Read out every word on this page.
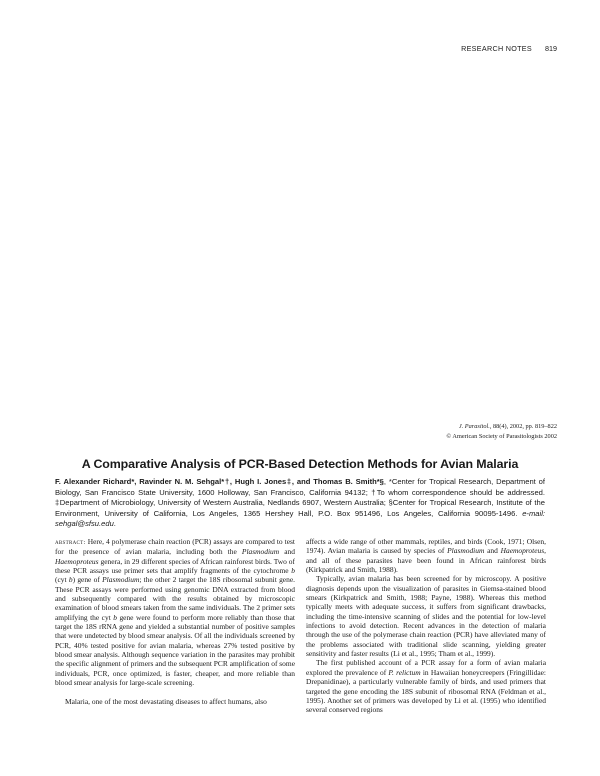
RESEARCH NOTES 819
J. Parasitol., 88(4), 2002, pp. 819–822
© American Society of Parasitologists 2002
A Comparative Analysis of PCR-Based Detection Methods for Avian Malaria
F. Alexander Richard*, Ravinder N. M. Sehgal*†, Hugh I. Jones‡, and Thomas B. Smith*§, *Center for Tropical Research, Department of Biology, San Francisco State University, 1600 Holloway, San Francisco, California 94132; †To whom correspondence should be addressed. ‡Department of Microbiology, University of Western Australia, Nedlands 6907, Western Australia; §Center for Tropical Research, Institute of the Environment, University of California, Los Angeles, 1365 Hershey Hall, P.O. Box 951496, Los Angeles, California 90095-1496. e-mail: sehgal@sfsu.edu.

abstract: Here, 4 polymerase chain reaction (PCR) assays are compared to test for the presence of avian malaria, including both the Plasmodium and Haemoproteus genera, in 29 different species of African rainforest birds. Two of these PCR assays use primer sets that amplify fragments of the cytochrome b (cyt b) gene of Plasmodium; the other 2 target the 18S ribosomal subunit gene. These PCR assays were performed using genomic DNA extracted from blood and subsequently compared with the results obtained by microscopic examination of blood smears taken from the same individuals. The 2 primer sets amplifying the cyt b gene were found to perform more reliably than those that target the 18S rRNA gene and yielded a substantial number of positive samples that were undetected by blood smear analysis. Of all the individuals screened by PCR, 40% tested positive for avian malaria, whereas 27% tested positive by blood smear analysis. Although sequence variation in the parasites may prohibit the specific alignment of primers and the subsequent PCR amplification of some individuals, PCR, once optimized, is faster, cheaper, and more reliable than blood smear analysis for large-scale screening.

Malaria, one of the most devastating diseases to affect humans, also

affects a wide range of other mammals, reptiles, and birds (Cook, 1971; Olsen, 1974). Avian malaria is caused by species of Plasmodium and Haemoproteus, and all of these parasites have been found in African rainforest birds (Kirkpatrick and Smith, 1988).

Typically, avian malaria has been screened for by microscopy. A positive diagnosis depends upon the visualization of parasites in Giemsa-stained blood smears (Kirkpatrick and Smith, 1988; Payne, 1988). Whereas this method typically meets with adequate success, it suffers from significant drawbacks, including the time-intensive scanning of slides and the potential for low-level infections to avoid detection. Recent advances in the detection of malaria through the use of the polymerase chain reaction (PCR) have alleviated many of the problems associated with traditional slide scanning, yielding greater sensitivity and faster results (Li et al., 1995; Tham et al., 1999).

The first published account of a PCR assay for a form of avian malaria explored the prevalence of P. relictum in Hawaiian honeycreepers (Fringillidae: Drepanidinae), a particularly vulnerable family of birds, and used primers that targeted the gene encoding the 18S subunit of ribosomal RNA (Feldman et al., 1995). Another set of primers was developed by Li et al. (1995) who identified several conserved regions
